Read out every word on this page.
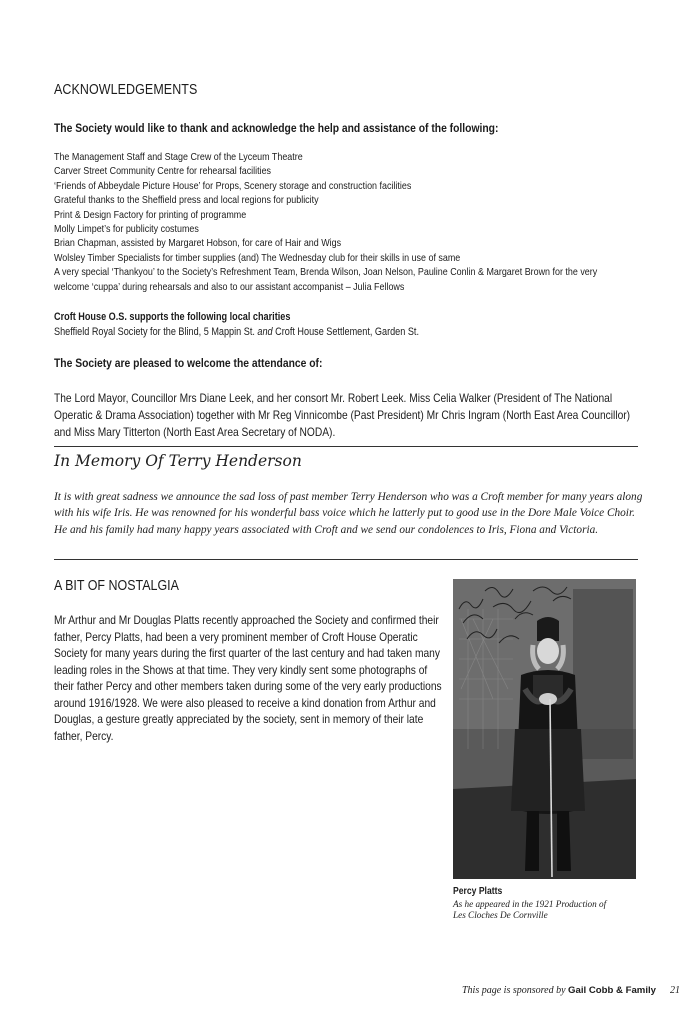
ACKNOWLEDGEMENTS
The Society would like to thank and acknowledge the help and assistance of the following:
The Management Staff and Stage Crew of the Lyceum Theatre
Carver Street Community Centre for rehearsal facilities
‘Friends of Abbeydale Picture House’ for Props, Scenery storage and construction facilities
Grateful thanks to the Sheffield press and local regions for publicity
Print & Design Factory for printing of programme
Molly Limpet’s for publicity costumes
Brian Chapman, assisted by Margaret Hobson, for care of Hair and Wigs
Wolsley Timber Specialists for timber supplies (and) The Wednesday club for their skills in use of same
A very special ‘Thankyou’ to the Society’s Refreshment Team, Brenda Wilson, Joan Nelson, Pauline Conlin & Margaret Brown for the very
welcome ‘cuppa’ during rehearsals and also to our assistant accompanist – Julia Fellows
Croft House O.S. supports the following local charities
Sheffield Royal Society for the Blind, 5 Mappin St. and Croft House Settlement, Garden St.
The Society are pleased to welcome the attendance of:
The Lord Mayor, Councillor Mrs Diane Leek, and her consort Mr. Robert Leek. Miss Celia Walker (President of The National Operatic & Drama Association) together with Mr Reg Vinnicombe (Past President) Mr Chris Ingram (North East Area Councillor) and Miss Mary Titterton (North East Area Secretary of NODA).
In Memory Of Terry Henderson
It is with great sadness we announce the sad loss of past member Terry Henderson who was a Croft member for many years along with his wife Iris. He was renowned for his wonderful bass voice which he latterly put to good use in the Dore Male Voice Choir. He and his family had many happy years associated with Croft and we send our condolences to Iris, Fiona and Victoria.
A BIT OF NOSTALGIA
Mr Arthur and Mr Douglas Platts recently approached the Society and confirmed their father, Percy Platts, had been a very prominent member of Croft House Operatic Society for many years during the first quarter of the last century and had taken many leading roles in the Shows at that time. They very kindly sent some photographs of their father Percy and other members taken during some of the very early productions around 1916/1928. We were also pleased to receive a kind donation from Arthur and Douglas, a gesture greatly appreciated by the society, sent in memory of their late father, Percy.
Percy Platts
As he appeared in the 1921 Production of
Les Cloches De Cornville
This page is sponsored by Gail Cobb & Family 21
